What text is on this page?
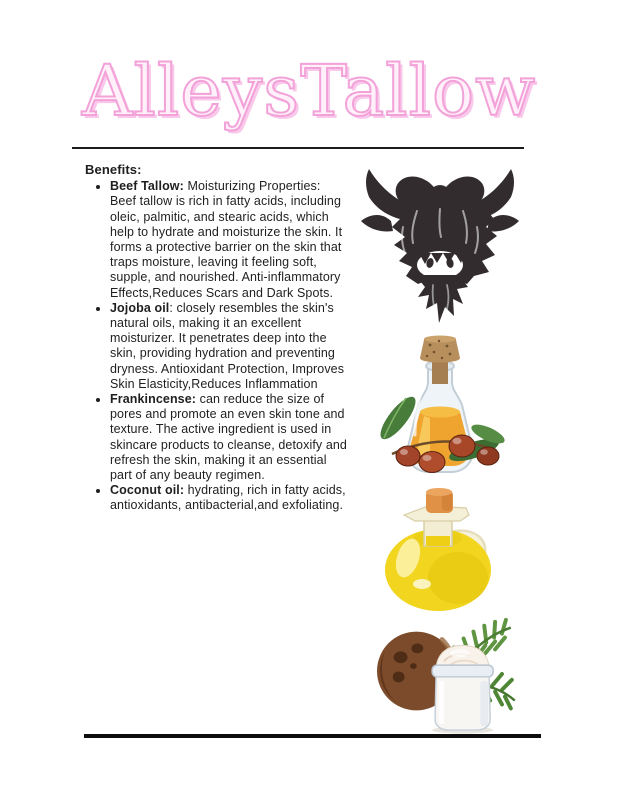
AlleysTallow

Benefits:

• Beef Tallow: Moisturizing Properties: Beef tallow is rich in fatty acids, including oleic, palmitic, and stearic acids, which help to hydrate and moisturize the skin. It forms a protective barrier on the skin that traps moisture, leaving it feeling soft, supple, and nourished. Anti-inflammatory Effects,Reduces Scars and Dark Spots.
• Jojoba oil: closely resembles the skin's natural oils, making it an excellent moisturizer. It penetrates deep into the skin, providing hydration and preventing dryness. Antioxidant Protection, Improves Skin Elasticity,Reduces Inflammation
• Frankincense: can reduce the size of pores and promote an even skin tone and texture. The active ingredient is used in skincare products to cleanse, detoxify and refresh the skin, making it an essential part of any beauty regimen.
• Coconut oil: hydrating, rich in fatty acids, antioxidants, antibacterial,and exfoliating.
